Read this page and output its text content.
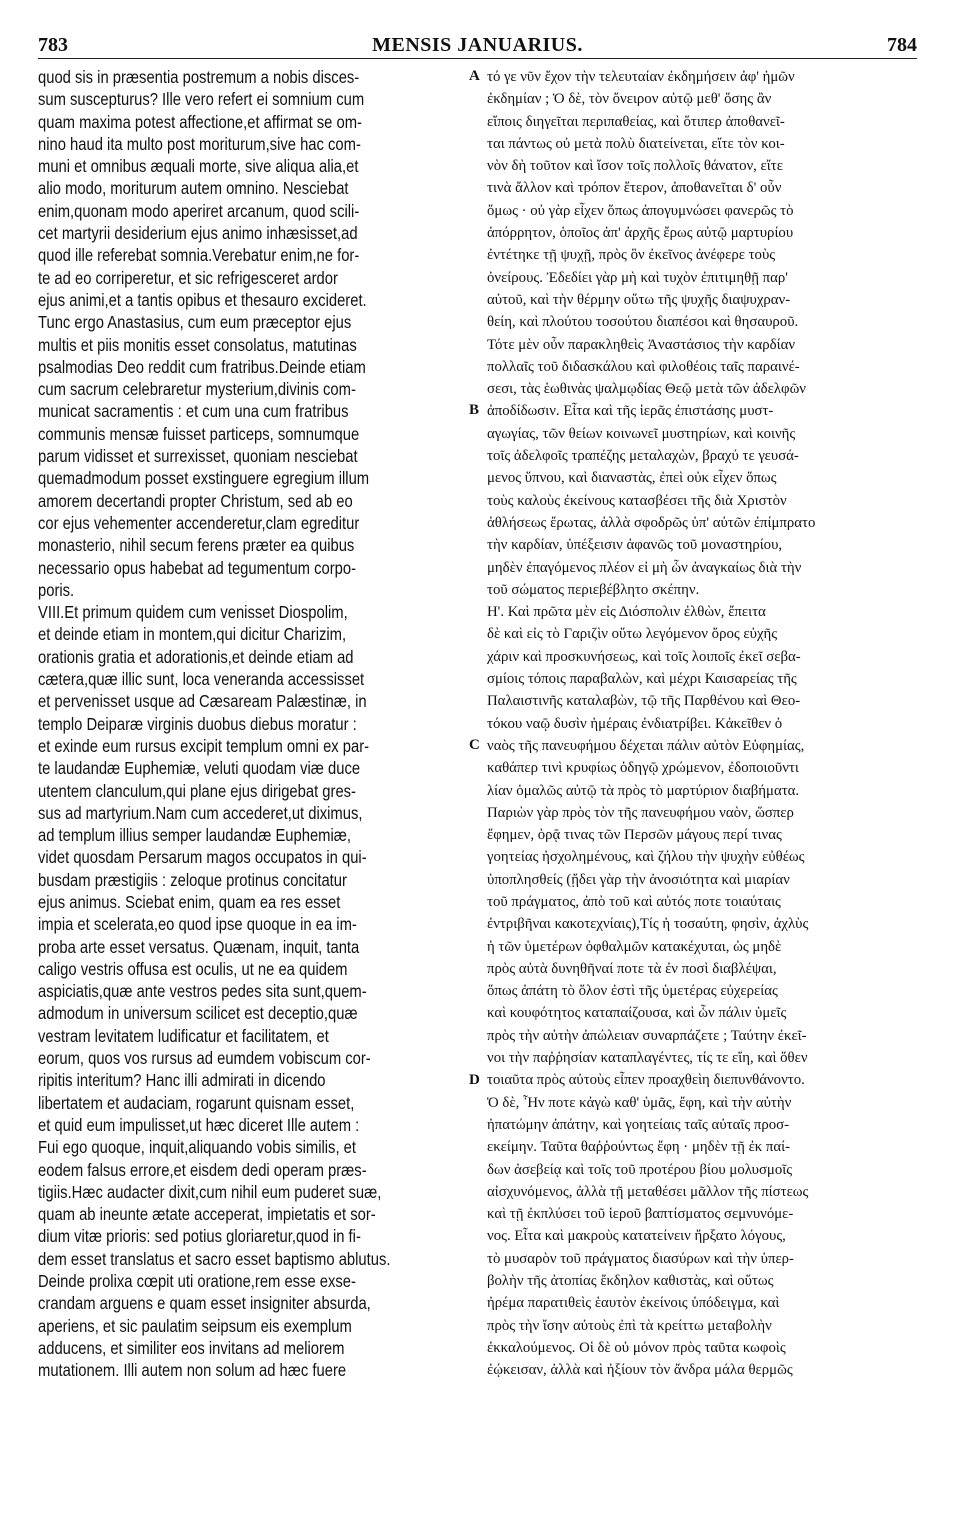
783	MENSIS JANUARIUS.	784
quod sis in præsentia postremum a nobis disces-
sum suscepturus? Ille vero refert ei somnium cum
quam maxima potest affectione,et affirmat se om-
nino haud ita multo post moriturum,sive hac com-
muni et omnibus æquali morte, sive aliqua alia,et
alio modo, moriturum autem omnino. Nesciebat
enim,quonam modo aperiret arcanum, quod scili-
cet martyrii desiderium ejus animo inhæsisset,ad
quod ille referebat somnia.Verebatur enim,ne for-
te ad eo corriperetur, et sic refrigesceret ardor
ejus animi,et a tantis opibus et thesauro excideret.
Tunc ergo Anastasius, cum eum præceptor ejus
multis et piis monitis esset consolatus, matutinas
psalmodias Deo reddit cum fratribus.Deinde etiam
cum sacrum celebraretur mysterium,divinis com-
municat sacramentis : et cum una cum fratribus
communis mensæ fuisset particeps, somnumque
parum vidisset et surrexisset, quoniam nesciebat
quemadmodum posset exstinguere egregium illum
amorem decertandi propter Christum, sed ab eo
cor ejus vehementer accenderetur,clam egreditur
monasterio, nihil secum ferens præter ea quibus
necessario opus habebat ad tegumentum corpo-
poris.
VIII.Et primum quidem cum venisset Diospolim,
et deinde etiam in montem,qui dicitur Charizim,
orationis gratia et adorationis,et deinde etiam ad
cætera,quæ illic sunt, loca veneranda accessisset
et pervenisset usque ad Cæsaream Palæstinæ, in
templo Deiparæ virginis duobus diebus moratur :
et exinde eum rursus excipit templum omni ex par-
te laudandæ Euphemiæ, veluti quodam viæ duce
utentem clanculum,qui plane ejus dirigebat gres-
sus ad martyrium.Nam cum accederet,ut diximus,
ad templum illius semper laudandæ Euphemiæ,
videt quosdam Persarum magos occupatos in qui-
busdam præstigiis : zeloque protinus concitatur
ejus animus. Sciebat enim, quam ea res esset
impia et scelerata,eo quod ipse quoque in ea im-
proba arte esset versatus. Quænam, inquit, tanta
caligo vestris offusa est oculis, ut ne ea quidem
aspiciatis,quæ ante vestros pedes sita sunt,quem-
admodum in universum scilicet est deceptio,quæ
vestram levitatem ludificatur et facilitatem, et
eorum, quos vos rursus ad eumdem vobiscum cor-
ripitis interitum? Hanc illi admirati in dicendo
libertatem et audaciam, rogarunt quisnam esset,
et quid eum impulisset,ut hæc diceret Ille autem :
Fui ego quoque, inquit,aliquando vobis similis, et
eodem falsus errore,et eisdem dedi operam præs-
tigiis.Hæc audacter dixit,cum nihil eum puderet suæ,
quam ab ineunte ætate acceperat, impietatis et sor-
dium vitæ prioris: sed potius gloriaretur,quod in fi-
dem esset translatus et sacro esset baptismo ablutus.
Deinde prolixa cœpit uti oratione,rem esse exse-
crandam arguens e quam esset insigniter absurda,
aperiens, et sic paulatim seipsum eis exemplum
adducens, et similiter eos invitans ad meliorem
mutationem. Illi autem non solum ad hæc fuere
τό γε νῦν ἔχον τὴν τελευταίαν ἐκδημήσειν ἀφ' ἡμῶν
ἐκδημίαν ; Ὁ δὲ, τὸν ὄνειρον αὐτῷ μεθ' ὅσης ἂν
εἴποις διηγεῖται περιπαθείας, καὶ ὅτιπερ ἀποθανεῖ-
ται πάντως οὐ μετὰ πολὺ διατείνεται, εἴτε τὸν κοι-
νὸν δὴ τοῦτον καὶ ἴσον τοῖς πολλοῖς θάνατον, εἴτε
τινὰ ἄλλον καὶ τρόπον ἕτερον, ἀποθανεῖται δ' οὖν
ὅμως · οὐ γὰρ εἶχεν ὅπως ἀπογυμνώσει φανερῶς τὸ
ἀπόρρητον, ὁποῖος ἀπ' ἀρχῆς ἔρως αὐτῷ μαρτυρίου
ἐντέτηκε τῇ ψυχῇ, πρὸς ὃν ἐκεῖνος ἀνέφερε τοὺς
ὀνείρους. Ἐδεδίει γὰρ μὴ καὶ τυχὸν ἐπιτιμηθῇ παρ'
αὐτοῦ, καὶ τὴν θέρμην οὕτω τῆς ψυχῆς διαψυχραν-
θείη, καὶ πλούτου τοσούτου διαπέσοι καὶ θησαυροῦ.
Τότε μὲν οὖν παρακληθεὶς Ἀναστάσιος τὴν καρδίαν
πολλαῖς τοῦ διδασκάλου καὶ φιλοθέοις ταῖς παραινέ-
σεσι, τὰς ἑωθινὰς ψαλμῳδίας Θεῷ μετὰ τῶν ἀδελφῶν
ἀποδίδωσιν. Εἶτα καὶ τῆς ἱερᾶς ἐπιστάσης μυστ-
αγωγίας, τῶν θείων κοινωνεῖ μυστηρίων, καὶ κοινῆς
τοῖς ἀδελφοῖς τραπέζης μεταλαχὼν, βραχύ τε γευσά-
μενος ὕπνου, καὶ διαναστὰς, ἐπεὶ οὐκ εἶχεν ὅπως
τοὺς καλοὺς ἐκείνους κατασβέσει τῆς διὰ Χριστὸν
ἀθλήσεως ἔρωτας, ἀλλὰ σφοδρῶς ὑπ' αὐτῶν ἐπίμπρατο
τὴν καρδίαν, ὑπέξεισιν ἀφανῶς τοῦ μοναστηρίου,
μηδὲν ἐπαγόμενος πλέον εἰ μὴ ὧν ἀναγκαίως διὰ τὴν
τοῦ σώματος περιεβέβλητο σκέπην.
Η'. Καὶ πρῶτα μὲν εἰς Διόσπολιν ἐλθὼν, ἔπειτα
δὲ καὶ εἰς τὸ Γαριζὶν οὕτω λεγόμενον ὄρος εὐχῆς
χάριν καὶ προσκυνήσεως, καὶ τοῖς λοιποῖς ἐκεῖ σεβα-
σμίοις τόποις παραβαλὼν, καὶ μέχρι Καισαρείας τῆς
Παλαιστινῆς καταλαβὼν, τῷ τῆς Παρθένου καὶ Θεο-
τόκου ναῷ δυσὶν ἡμέραις ἐνδιατρίβει. Κἀκεῖθεν ὁ
ναὸς τῆς πανευφήμου δέχεται πάλιν αὐτὸν Εὐφημίας,
καθάπερ τινὶ κρυφίως ὁδηγῷ χρώμενον, ἐδοποιοῦντι
λίαν ὁμαλῶς αὐτῷ τὰ πρὸς τὸ μαρτύριον διαβήματα.
Παριὼν γὰρ πρὸς τὸν τῆς πανευφήμου ναὸν, ὥσπερ
ἔφημεν, ὁρᾷ τινας τῶν Περσῶν μάγους περί τινας
γοητείας ἠσχολημένους, καὶ ζήλου τὴν ψυχὴν εὐθέως
ὑποπλησθείς (ᾔδει γὰρ τὴν ἀνοσιότητα καὶ μιαρίαν
τοῦ πράγματος, ἀπὸ τοῦ καὶ αὐτός ποτε τοιαύταις
ἐντριβῆναι κακοτεχνίαις),Τίς ἡ τοσαύτη, φησὶν, ἀχλὺς
ἡ τῶν ὑμετέρων ὀφθαλμῶν κατακέχυται, ὡς μηδὲ
πρὸς αὐτὰ δυνηθῆναί ποτε τὰ ἐν ποσὶ διαβλέψαι,
ὅπως ἀπάτη τὸ ὅλον ἐστὶ τῆς ὑμετέρας εὐχερείας
καὶ κουφότητος καταπαίζουσα, καὶ ὧν πάλιν ὑμεῖς
πρὸς τὴν αὐτὴν ἀπώλειαν συναρπάζετε ; Ταύτην ἐκεῖ-
νοι τὴν παῤῥησίαν καταπλαγέντες, τίς τε εἴη, καὶ ὅθεν
τοιαῦτα πρὸς αὐτοὺς εἶπεν προαχθεὶη διεπυνθάνοντο.
Ὁ δὲ, Ἦν ποτε κἀγὼ καθ' ὑμᾶς, ἔφη, καὶ τὴν αὐτὴν
ἠπατώμην ἀπάτην, καὶ γοητείαις ταῖς αὐταῖς προσ-
εκείμην. Ταῦτα θαῤῥούντως ἔφη · μηδὲν τῇ ἐκ παί-
δων ἀσεβείᾳ καὶ τοῖς τοῦ προτέρου βίου μολυσμοῖς
αἰσχυνόμενος, ἀλλὰ τῇ μεταθέσει μᾶλλον τῆς πίστεως
καὶ τῇ ἐκπλύσει τοῦ ἱεροῦ βαπτίσματος σεμνυνόμε-
νος. Εἶτα καὶ μακροὺς κατατείνειν ἤρξατο λόγους,
τὸ μυσαρὸν τοῦ πράγματος διασύρων καὶ τὴν ὑπερ-
βολὴν τῆς ἀτοπίας ἔκδηλον καθιστὰς, καὶ οὕτως
ἠρέμα παρατιθεὶς ἑαυτὸν ἐκείνοις ὑπόδειγμα, καὶ
πρὸς τὴν ἴσην αὐτοὺς ἐπὶ τὰ κρείττω μεταβολὴν
ἐκκαλούμενος. Οἱ δὲ οὐ μόνον πρὸς ταῦτα κωφοὶς
ἐῴκεισαν, ἀλλὰ καὶ ἠξίουν τὸν ἄνδρα μάλα θερμῶς
A
B
C
D
